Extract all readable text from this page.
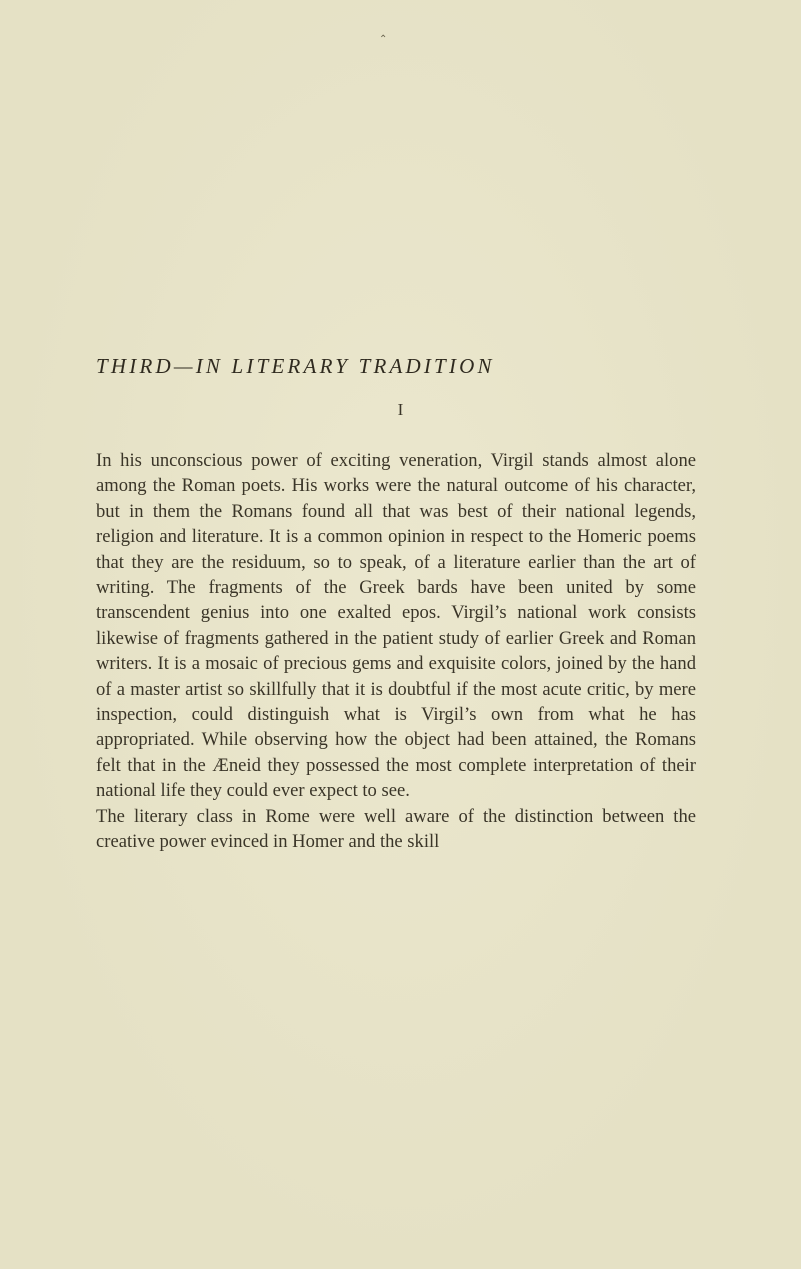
⌃
THIRD—IN LITERARY TRADITION
I

In his unconscious power of exciting veneration, Virgil stands almost alone among the Roman poets. His works were the natural outcome of his character, but in them the Romans found all that was best of their national legends, religion and literature. It is a common opinion in respect to the Homeric poems that they are the residuum, so to speak, of a literature earlier than the art of writing. The fragments of the Greek bards have been united by some transcendent genius into one exalted epos. Virgil’s national work consists likewise of fragments gathered in the patient study of earlier Greek and Roman writers. It is a mosaic of precious gems and exquisite colors, joined by the hand of a master artist so skillfully that it is doubtful if the most acute critic, by mere inspection, could distinguish what is Virgil’s own from what he has appropriated. While observing how the object had been attained, the Romans felt that in the Æneid they possessed the most complete interpretation of their national life they could ever expect to see.

The literary class in Rome were well aware of the distinction between the creative power evinced in Homer and the skill
